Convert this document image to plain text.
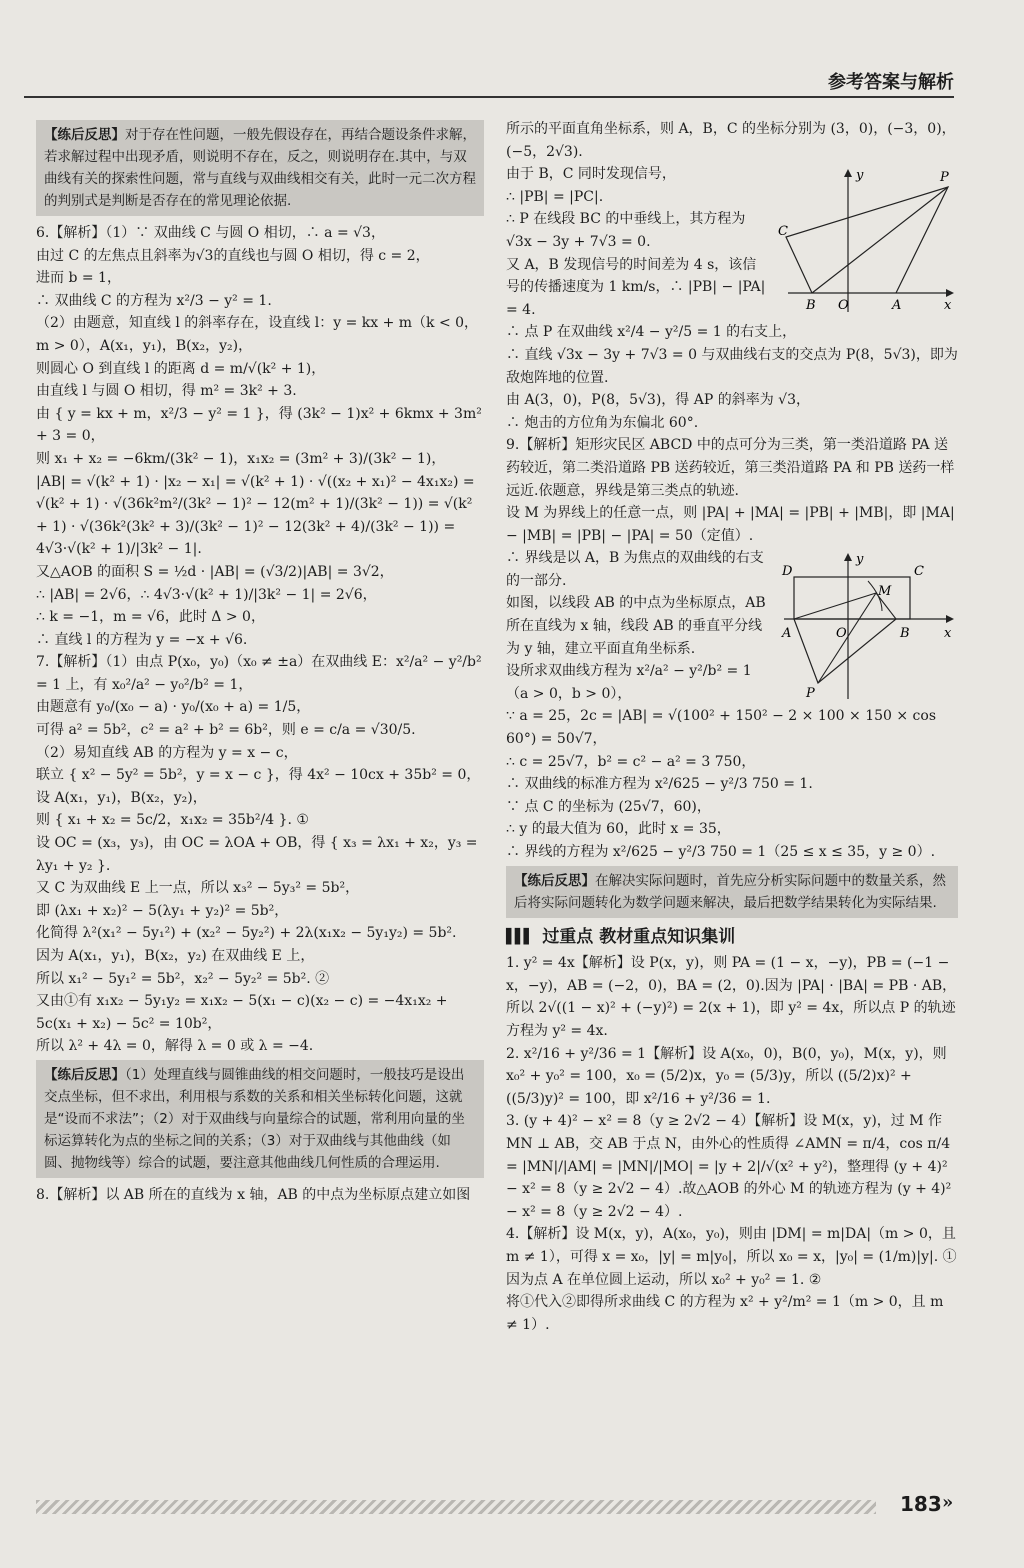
参考答案与解析
【练后反思】对于存在性问题，一般先假设存在，再结合题设条件求解，若求解过程中出现矛盾，则说明不存在，反之，则说明存在.其中，与双曲线有关的探索性问题，常与直线与双曲线相交有关，此时一元二次方程的判别式是判断是否存在的常见理论依据.

6.【解析】（1）∵ 双曲线 C 与圆 O 相切，∴ a = √3，

由过 C 的左焦点且斜率为√3的直线也与圆 O 相切，得 c = 2，

进而 b = 1，

∴ 双曲线 C 的方程为 x²/3 − y² = 1.

（2）由题意，知直线 l 的斜率存在，设直线 l：y = kx + m（k < 0，m > 0），A(x₁，y₁)，B(x₂，y₂)，

则圆心 O 到直线 l 的距离 d = m/√(k² + 1)，

由直线 l 与圆 O 相切，得 m² = 3k² + 3.

由 { y = kx + m，x²/3 − y² = 1 }，得 (3k² − 1)x² + 6kmx + 3m² + 3 = 0，

则 x₁ + x₂ = −6km/(3k² − 1)，x₁x₂ = (3m² + 3)/(3k² − 1)，

|AB| = √(k² + 1) · |x₂ − x₁| = √(k² + 1) · √((x₂ + x₁)² − 4x₁x₂) = √(k² + 1) · √(36k²m²/(3k² − 1)² − 12(m² + 1)/(3k² − 1)) = √(k² + 1) · √(36k²(3k² + 3)/(3k² − 1)² − 12(3k² + 4)/(3k² − 1)) = 4√3·√(k² + 1)/|3k² − 1|.

又△AOB 的面积 S = ½d · |AB| = (√3/2)|AB| = 3√2，

∴ |AB| = 2√6，∴ 4√3·√(k² + 1)/|3k² − 1| = 2√6，

∴ k = −1，m = √6，此时 Δ > 0，

∴ 直线 l 的方程为 y = −x + √6.

7.【解析】（1）由点 P(x₀，y₀)（x₀ ≠ ±a）在双曲线 E：x²/a² − y²/b² = 1 上，有 x₀²/a² − y₀²/b² = 1，

由题意有 y₀/(x₀ − a) · y₀/(x₀ + a) = 1/5，

可得 a² = 5b²，c² = a² + b² = 6b²，则 e = c/a = √30/5.

（2）易知直线 AB 的方程为 y = x − c，

联立 { x² − 5y² = 5b²，y = x − c }，得 4x² − 10cx + 35b² = 0，

设 A(x₁，y₁)，B(x₂，y₂)，

则 { x₁ + x₂ = 5c/2，x₁x₂ = 35b²/4 }. ①

设 OC = (x₃，y₃)，由 OC = λOA + OB，得 { x₃ = λx₁ + x₂，y₃ = λy₁ + y₂ }.

又 C 为双曲线 E 上一点，所以 x₃² − 5y₃² = 5b²，

即 (λx₁ + x₂)² − 5(λy₁ + y₂)² = 5b²，

化简得 λ²(x₁² − 5y₁²) + (x₂² − 5y₂²) + 2λ(x₁x₂ − 5y₁y₂) = 5b².

因为 A(x₁，y₁)，B(x₂，y₂) 在双曲线 E 上，

所以 x₁² − 5y₁² = 5b²，x₂² − 5y₂² = 5b². ②

又由①有 x₁x₂ − 5y₁y₂ = x₁x₂ − 5(x₁ − c)(x₂ − c) = −4x₁x₂ + 5c(x₁ + x₂) − 5c² = 10b²，

所以 λ² + 4λ = 0，解得 λ = 0 或 λ = −4.

【练后反思】（1）处理直线与圆锥曲线的相交问题时，一般技巧是设出交点坐标，但不求出，利用根与系数的关系和相关坐标转化问题，这就是“设而不求法”；（2）对于双曲线与向量综合的试题，常利用向量的坐标运算转化为点的坐标之间的关系；（3）对于双曲线与其他曲线（如圆、抛物线等）综合的试题，要注意其他曲线几何性质的合理运用.

8.【解析】以 AB 所在的直线为 x 轴，AB 的中点为坐标原点建立如图

所示的平面直角坐标系，则 A，B，C 的坐标分别为 (3，0)，(−3，0)，(−5，2√3).

y	P
C
B O	A	x

由于 B，C 同时发现信号，

∴ |PB| = |PC|.

∴ P 在线段 BC 的中垂线上，其方程为 √3x − 3y + 7√3 = 0.

又 A，B 发现信号的时间差为 4 s，该信号的传播速度为 1 km/s，∴ |PB| − |PA| = 4.

∴ 点 P 在双曲线 x²/4 − y²/5 = 1 的右支上，

∴ 直线 √3x − 3y + 7√3 = 0 与双曲线右支的交点为 P(8，5√3)，即为敌炮阵地的位置.

由 A(3，0)，P(8，5√3)，得 AP 的斜率为 √3，

∴ 炮击的方位角为东偏北 60°.

9.【解析】矩形灾民区 ABCD 中的点可分为三类，第一类沿道路 PA 送药较近，第二类沿道路 PB 送药较近，第三类沿道路 PA 和 PB 送药一样远近.依题意，界线是第三类点的轨迹.

设 M 为界线上的任意一点，则 |PA| + |MA| = |PB| + |MB|，即 |MA| − |MB| = |PB| − |PA| = 50（定值）.

y
D	C
M
A	O	B	x
P

∴ 界线是以 A，B 为焦点的双曲线的右支的一部分.

如图，以线段 AB 的中点为坐标原点，AB 所在直线为 x 轴，线段 AB 的垂直平分线为 y 轴，建立平面直角坐标系.

设所求双曲线方程为 x²/a² − y²/b² = 1（a > 0，b > 0），

∵ a = 25，2c = |AB| = √(100² + 150² − 2 × 100 × 150 × cos 60°) = 50√7，

∴ c = 25√7，b² = c² − a² = 3 750，

∴ 双曲线的标准方程为 x²/625 − y²/3 750 = 1.

∵ 点 C 的坐标为 (25√7，60)，

∴ y 的最大值为 60，此时 x = 35，

∴ 界线的方程为 x²/625 − y²/3 750 = 1（25 ≤ x ≤ 35，y ≥ 0）.

【练后反思】在解决实际问题时，首先应分析实际问题中的数量关系，然后将实际问题转化为数学问题来解决，最后把数学结果转化为实际结果.
▌▌▌ 过重点 教材重点知识集训

1. y² = 4x【解析】设 P(x，y)，则 PA = (1 − x，−y)，PB = (−1 − x，−y)，AB = (−2，0)，BA = (2，0).因为 |PA| · |BA| = PB · AB，所以 2√((1 − x)² + (−y)²) = 2(x + 1)，即 y² = 4x，所以点 P 的轨迹方程为 y² = 4x.

2. x²/16 + y²/36 = 1【解析】设 A(x₀，0)，B(0，y₀)，M(x，y)，则 x₀² + y₀² = 100，x₀ = (5/2)x，y₀ = (5/3)y，所以 ((5/2)x)² + ((5/3)y)² = 100，即 x²/16 + y²/36 = 1.

3. (y + 4)² − x² = 8（y ≥ 2√2 − 4）【解析】设 M(x，y)，过 M 作 MN ⊥ AB，交 AB 于点 N，由外心的性质得 ∠AMN = π/4，cos π/4 = |MN|/|AM| = |MN|/|MO| = |y + 2|/√(x² + y²)，整理得 (y + 4)² − x² = 8（y ≥ 2√2 − 4）.故△AOB 的外心 M 的轨迹方程为 (y + 4)² − x² = 8（y ≥ 2√2 − 4）.

4.【解析】设 M(x，y)，A(x₀，y₀)，则由 |DM| = m|DA|（m > 0，且 m ≠ 1），可得 x = x₀，|y| = m|y₀|，所以 x₀ = x，|y₀| = (1/m)|y|. ①

因为点 A 在单位圆上运动，所以 x₀² + y₀² = 1. ②

将①代入②即得所求曲线 C 的方程为 x² + y²/m² = 1（m > 0，且 m ≠ 1）.

183 »
